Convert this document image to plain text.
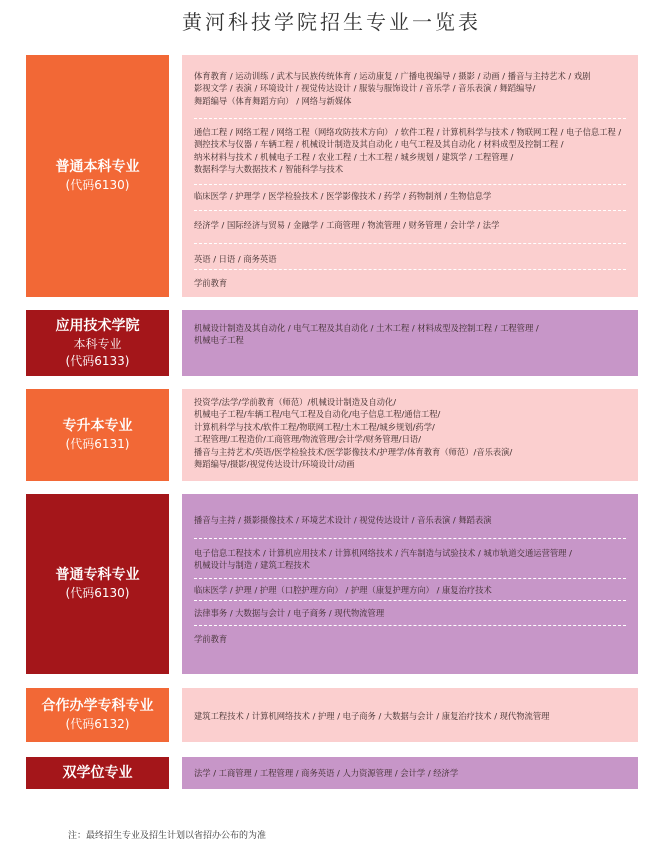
黄河科技学院招生专业一览表
普通本科专业
(代码6130)
体育教育 / 运动训练 / 武术与民族传统体育 / 运动康复 / 广播电视编导 / 摄影 / 动画 / 播音与主持艺术 / 戏剧
影视文学 / 表演 / 环境设计 / 视觉传达设计 / 服装与服饰设计 / 音乐学 / 音乐表演 / 舞蹈编导/
舞蹈编导（体育舞蹈方向） / 网络与新媒体
通信工程 / 网络工程 / 网络工程（网络攻防技术方向） / 软件工程 / 计算机科学与技术 / 物联网工程 / 电子信息工程 /
测控技术与仪器 / 车辆工程 / 机械设计制造及其自动化 / 电气工程及其自动化 / 材料成型及控制工程 /
纳米材料与技术 / 机械电子工程 / 农业工程 / 土木工程 / 城乡规划 / 建筑学 / 工程管理 /
数据科学与大数据技术 / 智能科学与技术
临床医学 / 护理学 / 医学检验技术 / 医学影像技术 / 药学 / 药物制剂 / 生物信息学
经济学 / 国际经济与贸易 / 金融学 / 工商管理 / 物流管理 / 财务管理 / 会计学 / 法学
英语 / 日语 / 商务英语
学前教育
应用技术学院
本科专业
(代码6133)
机械设计制造及其自动化 / 电气工程及其自动化 / 土木工程 / 材料成型及控制工程 / 工程管理 /
机械电子工程
专升本专业
(代码6131)
投资学/法学/学前教育（师范）/机械设计制造及自动化/
机械电子工程/车辆工程/电气工程及自动化/电子信息工程/通信工程/
计算机科学与技术/软件工程/物联网工程/土木工程/城乡规划/药学/
工程管理/工程造价/工商管理/物流管理/会计学/财务管理/日语/
播音与主持艺术/英语/医学检验技术/医学影像技术/护理学/体育教育（师范）/音乐表演/
舞蹈编导/摄影/视觉传达设计/环境设计/动画
普通专科专业
(代码6130)
播音与主持 / 摄影摄像技术 / 环境艺术设计 / 视觉传达设计 / 音乐表演 / 舞蹈表演
电子信息工程技术 / 计算机应用技术 / 计算机网络技术 / 汽车制造与试验技术 / 城市轨道交通运营管理 /
机械设计与制造 / 建筑工程技术
临床医学 / 护理 / 护理（口腔护理方向） / 护理（康复护理方向） / 康复治疗技术
法律事务 / 大数据与会计 / 电子商务 / 现代物流管理
学前教育
合作办学专科专业
(代码6132)
建筑工程技术 / 计算机网络技术 / 护理 / 电子商务 / 大数据与会计 / 康复治疗技术 / 现代物流管理
双学位专业	法学 / 工商管理 / 工程管理 / 商务英语 / 人力资源管理 / 会计学 / 经济学
注：最终招生专业及招生计划以省招办公布的为准
